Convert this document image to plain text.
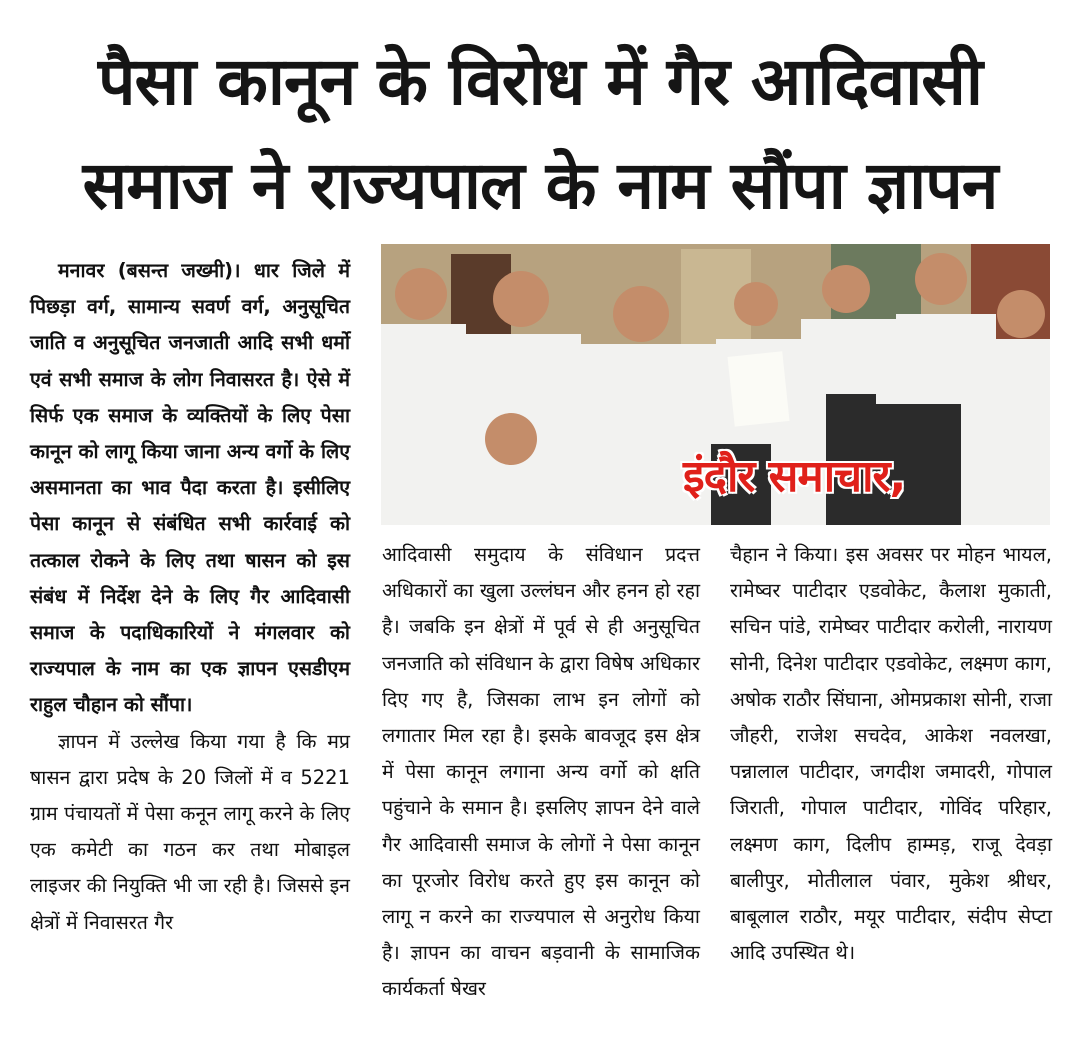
पैसा कानून के विरोध में गैर आदिवासी
समाज ने राज्यपाल के नाम सौंपा ज्ञापन

मनावर (बसन्त जख्मी)। धार जिले में पिछड़ा वर्ग, सामान्य सवर्ण वर्ग, अनुसूचित जाति व अनुसूचित जनजाती आदि सभी धर्मो एवं सभी समाज के लोग निवासरत है। ऐसे में सिर्फ एक समाज के व्यक्तियों के लिए पेसा कानून को लागू किया जाना अन्य वर्गो के लिए असमानता का भाव पैदा करता है। इसीलिए पेसा कानून से संबंधित सभी कार्रवाई को तत्काल रोकने के लिए तथा षासन को इस संबंध में निर्देश देने के लिए गैर आदिवासी समाज के पदाधिकारियों ने मंगलवार को राज्यपाल के नाम का एक ज्ञापन एसडीएम राहुल चौहान को सौंपा।

ज्ञापन में उल्लेख किया गया है कि मप्र षासन द्वारा प्रदेष के 20 जिलों में व 5221 ग्राम पंचायतों में पेसा कनून लागू करने के लिए एक कमेटी का गठन कर तथा मोबाइल लाइजर की नियुक्ति भी जा रही है। जिससे इन क्षेत्रों में निवासरत गैर

इंदौर समाचार,

आदिवासी समुदाय के संविधान प्रदत्त अधिकारों का खुला उल्लंघन और हनन हो रहा है। जबकि इन क्षेत्रों में पूर्व से ही अनुसूचित जनजाति को संविधान के द्वारा विषेष अधिकार दिए गए है, जिसका लाभ इन लोगों को लगातार मिल रहा है। इसके बावजूद इस क्षेत्र में पेसा कानून लगाना अन्य वर्गो को क्षति पहुंचाने के समान है। इसलिए ज्ञापन देने वाले गैर आदिवासी समाज के लोगों ने पेसा कानून का पूरजोर विरोध करते हुए इस कानून को लागू न करने का राज्यपाल से अनुरोध किया है। ज्ञापन का वाचन बड़वानी के सामाजिक कार्यकर्ता षेखर

चैहान ने किया। इस अवसर पर मोहन भायल, रामेष्वर पाटीदार एडवोकेट, कैलाश मुकाती, सचिन पांडे, रामेष्वर पाटीदार करोली, नारायण सोनी, दिनेश पाटीदार एडवोकेट, लक्ष्मण काग, अषोक राठौर सिंघाना, ओमप्रकाश सोनी, राजा जौहरी, राजेश सचदेव, आकेश नवलखा, पन्नालाल पाटीदार, जगदीश जमादरी, गोपाल जिराती, गोपाल पाटीदार, गोविंद परिहार, लक्ष्मण काग, दिलीप हाम्मड़, राजू देवड़ा बालीपुर, मोतीलाल पंवार, मुकेश श्रीधर, बाबूलाल राठौर, मयूर पाटीदार, संदीप सेप्टा आदि उपस्थित थे।
